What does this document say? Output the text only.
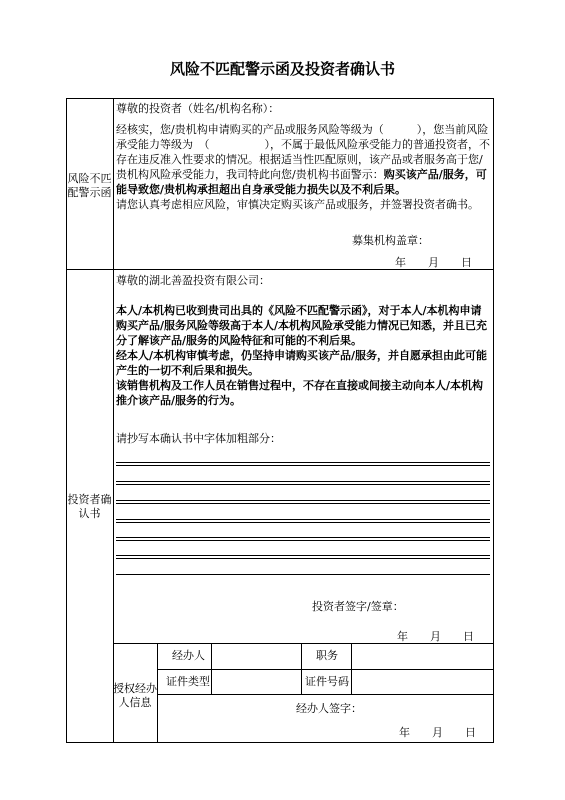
风险不匹配警示函及投资者确认书
风险不匹
配警示函
尊敬的投资者（姓名/机构名称）：

经核实，您/贵机构申请购买的产品或服务风险等级为（　　　），您当前风险承受能力等级为　（　　　　　），不属于最低风险承受能力的普通投资者，不存在违反准入性要求的情况。根据适当性匹配原则，该产品或者服务高于您/贵机构风险承受能力，我司特此向您/贵机构书面警示：购买该产品/服务，可能导致您/贵机构承担超出自身承受能力损失以及不利后果。

请您认真考虑相应风险，审慎决定购买该产品或服务，并签署投资者确书。

募集机构盖章：
年　　月　　日
投资者确
认书
尊敬的湖北善盈投资有限公司：

本人/本机构已收到贵司出具的《风险不匹配警示函》，对于本人/本机构申请购买产品/服务风险等级高于本人/本机构风险承受能力情况已知悉，并且已充分了解该产品/服务的风险特征和可能的不利后果。

经本人/本机构审慎考虑，仍坚持申请购买该产品/服务，并自愿承担由此可能产生的一切不利后果和损失。

该销售机构及工作人员在销售过程中，不存在直接或间接主动向本人/本机构推介该产品/服务的行为。

请抄写本确认书中字体加粗部分：
投资者签字/签章：
年　　月　　日
授权经办
人信息
经办人	职务
证件类型	证件号码
经办人签字：
年　　月　　日
